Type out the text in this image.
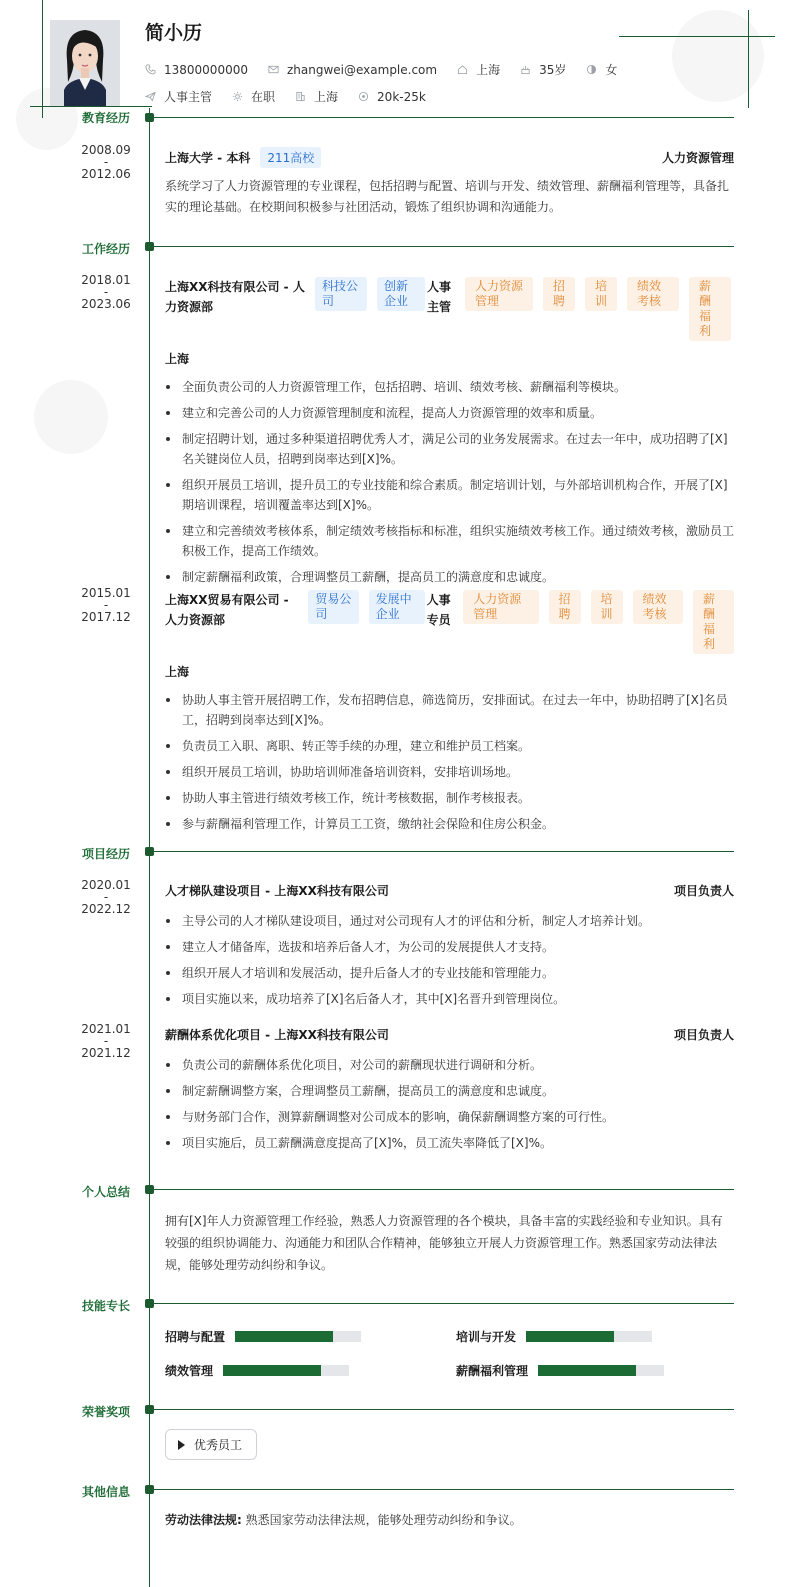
简小历
13800000000	zhangwei@example.com	上海	35岁	女
人事主管	在职	上海	20k-25k
教育经历
2008.09
-
2012.06
上海大学 - 本科	211高校	人力资源管理
系统学习了人力资源管理的专业课程，包括招聘与配置、培训与开发、绩效管理、薪酬福利管理等，具备扎实的理论基础。在校期间积极参与社团活动，锻炼了组织协调和沟通能力。
工作经历
2018.01
-
2023.06
上海XX科技有限公司 - 人力资源部
科技公司
创新企业
人事主管
人力资源管理
招聘
培训
绩效考核
薪酬福利
上海
全面负责公司的人力资源管理工作，包括招聘、培训、绩效考核、薪酬福利等模块。
建立和完善公司的人力资源管理制度和流程，提高人力资源管理的效率和质量。
制定招聘计划，通过多种渠道招聘优秀人才，满足公司的业务发展需求。在过去一年中，成功招聘了[X]名关键岗位人员，招聘到岗率达到[X]%。
组织开展员工培训，提升员工的专业技能和综合素质。制定培训计划，与外部培训机构合作，开展了[X]期培训课程，培训覆盖率达到[X]%。
建立和完善绩效考核体系，制定绩效考核指标和标准，组织实施绩效考核工作。通过绩效考核，激励员工积极工作，提高工作绩效。
制定薪酬福利政策，合理调整员工薪酬，提高员工的满意度和忠诚度。
2015.01
-
2017.12
上海XX贸易有限公司 - 人力资源部
贸易公司
发展中企业
人事专员
人力资源管理
招聘
培训
绩效考核
薪酬福利
上海
协助人事主管开展招聘工作，发布招聘信息，筛选简历，安排面试。在过去一年中，协助招聘了[X]名员工，招聘到岗率达到[X]%。
负责员工入职、离职、转正等手续的办理，建立和维护员工档案。
组织开展员工培训，协助培训师准备培训资料，安排培训场地。
协助人事主管进行绩效考核工作，统计考核数据，制作考核报表。
参与薪酬福利管理工作，计算员工工资，缴纳社会保险和住房公积金。
项目经历
2020.01
-
2022.12
人才梯队建设项目 - 上海XX科技有限公司	项目负责人
主导公司的人才梯队建设项目，通过对公司现有人才的评估和分析，制定人才培养计划。
建立人才储备库，选拔和培养后备人才，为公司的发展提供人才支持。
组织开展人才培训和发展活动，提升后备人才的专业技能和管理能力。
项目实施以来，成功培养了[X]名后备人才，其中[X]名晋升到管理岗位。
2021.01
-
2021.12
薪酬体系优化项目 - 上海XX科技有限公司	项目负责人
负责公司的薪酬体系优化项目，对公司的薪酬现状进行调研和分析。
制定薪酬调整方案，合理调整员工薪酬，提高员工的满意度和忠诚度。
与财务部门合作，测算薪酬调整对公司成本的影响，确保薪酬调整方案的可行性。
项目实施后，员工薪酬满意度提高了[X]%，员工流失率降低了[X]%。
个人总结
拥有[X]年人力资源管理工作经验，熟悉人力资源管理的各个模块，具备丰富的实践经验和专业知识。具有较强的组织协调能力、沟通能力和团队合作精神，能够独立开展人力资源管理工作。熟悉国家劳动法律法规，能够处理劳动纠纷和争议。
技能专长
招聘与配置	培训与开发
绩效管理	薪酬福利管理
荣誉奖项
优秀员工
其他信息
劳动法律法规: 熟悉国家劳动法律法规，能够处理劳动纠纷和争议。
